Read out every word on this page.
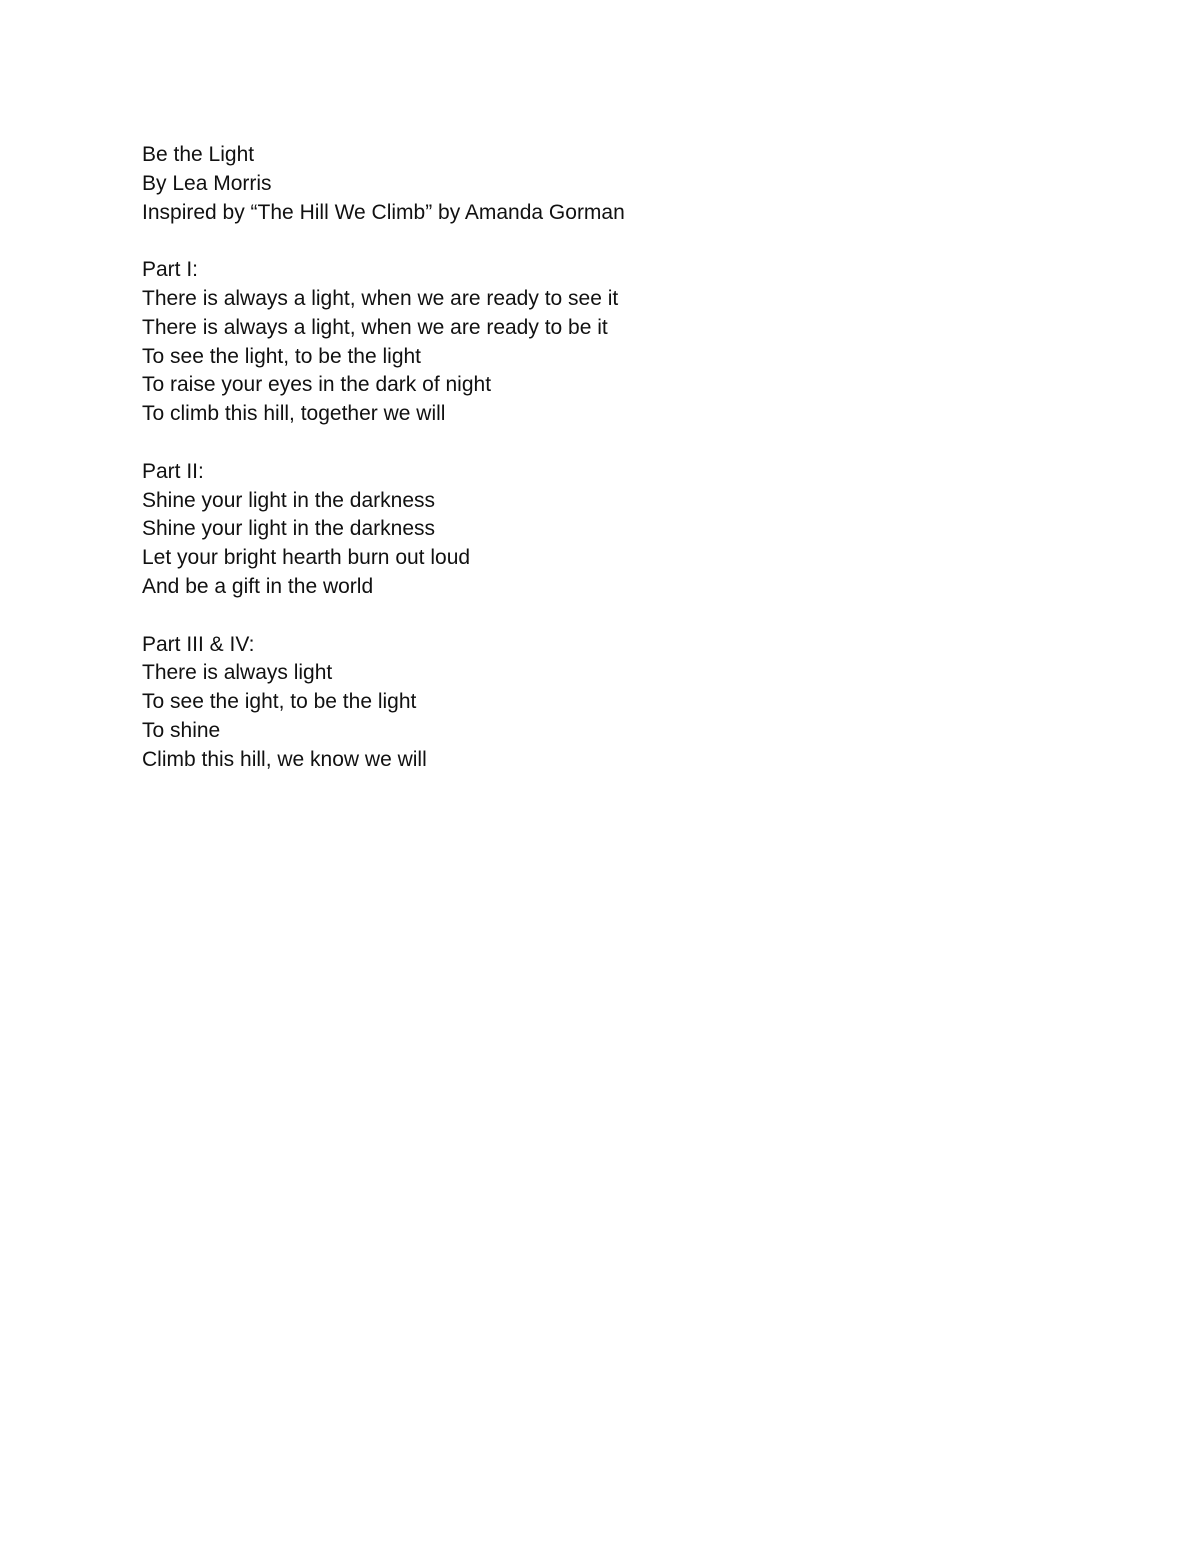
Be the Light
By Lea Morris
Inspired by “The Hill We Climb” by Amanda Gorman
Part I:
There is always a light, when we are ready to see it
There is always a light, when we are ready to be it
To see the light, to be the light
To raise your eyes in the dark of night
To climb this hill, together we will
Part II:
Shine your light in the darkness
Shine your light in the darkness
Let your bright hearth burn out loud
And be a gift in the world
Part III & IV:
There is always light
To see the ight, to be the light
To shine
Climb this hill, we know we will
